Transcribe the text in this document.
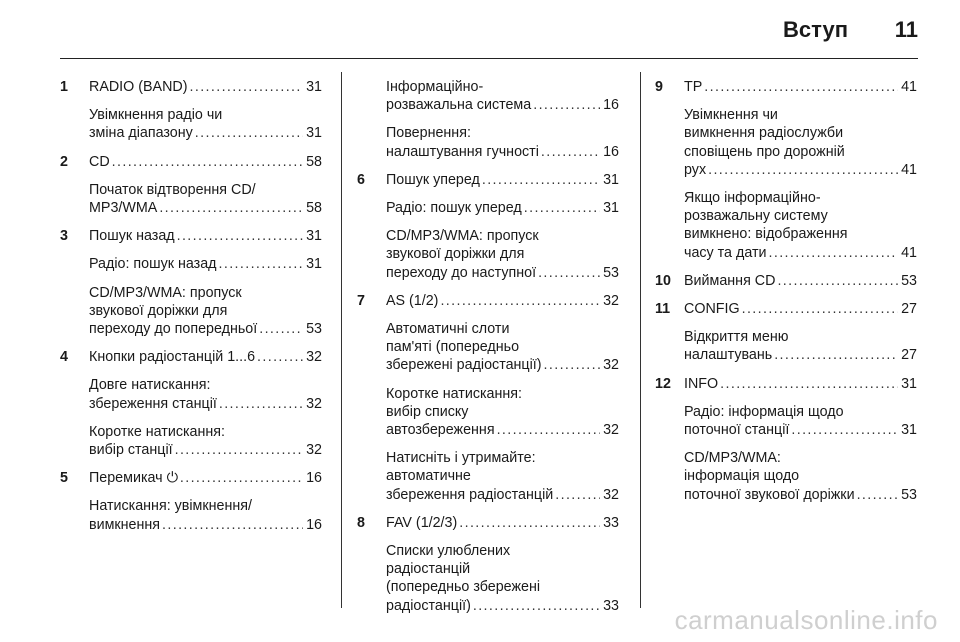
Вступ 11
1	RADIO (BAND) . . .	31
Увімкнення радіо чи
зміна діапазону . . .	31
2	CD . . .	58
Початок відтворення CD/
MP3/WMA . . .	58
3	Пошук назад . . .	31
Радіо: пошук назад . . .	31
CD/MP3/WMA: пропуск
звукової доріжки для
переходу до попередньої . . .	53
4	Кнопки радіостанцій 1...6 . . .	32
Довге натискання:
збереження станції . . .	32
Коротке натискання:
вибір станції . . .	32
5	Перемикач ⏻ . . .	16
Натискання: увімкнення/
вимкнення . . .	16
Інформаційно-
розважальна система . . .	16
Повернення:
налаштування гучності . . .	16
6	Пошук уперед . . .	31
Радіо: пошук уперед . . .	31
CD/MP3/WMA: пропуск
звукової доріжки для
переходу до наступної . . .	53
7	AS (1/2) . . .	32
Автоматичні слоти
пам'яті (попередньо
збережені радіостанції) . . .	32
Коротке натискання:
вибір списку
автозбереження . . .	32
Натисніть і утримайте:
автоматичне
збереження радіостанцій . . .	32
8	FAV (1/2/3) . . .	33
Списки улюблених
радіостанцій
(попередньо збережені
радіостанції) . . .	33
9	TP . . .	41
Увімкнення чи
вимкнення радіослужби
сповіщень про дорожній
рух . . .	41
Якщо інформаційно-
розважальну систему
вимкнено: відображення
часу та дати . . .	41
10 Виймання CD . . .	53
11 CONFIG . . .	27
Відкриття меню
налаштувань . . .	27
12 INFO . . .	31
Радіо: інформація щодо
поточної станції . . .	31
CD/MP3/WMA:
інформація щодо
поточної звукової доріжки . . .	53
carmanualsonline.info
